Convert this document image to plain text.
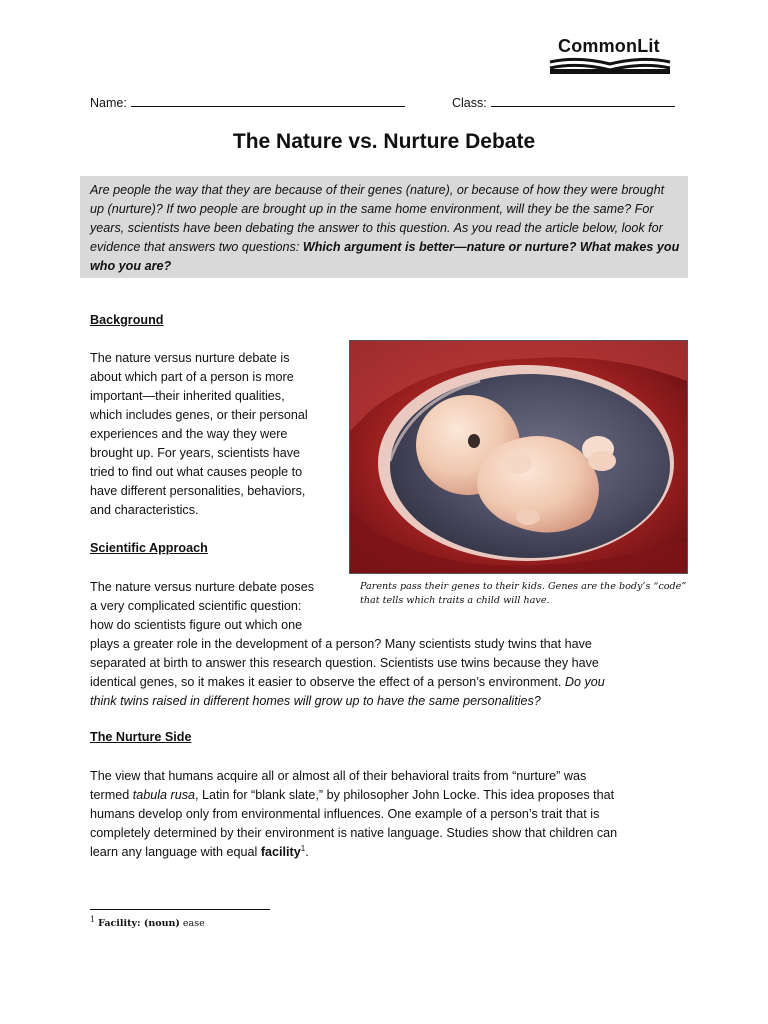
CommonLit
Name:	Class:
The Nature vs. Nurture Debate
Are people the way that they are because of their genes (nature), or because of how they were brought up (nurture)? If two people are brought up in the same home environment, will they be the same? For years, scientists have been debating the answer to this question. As you read the article below, look for evidence that answers two questions: Which argument is better—nature or nurture? What makes you who you are?
Background
The nature versus nurture debate is
about which part of a person is more
important—their inherited qualities,
which includes genes, or their personal
experiences and the way they were
brought up. For years, scientists have
tried to find out what causes people to
have different personalities, behaviors,
and characteristics.
Parents pass their genes to their kids. Genes are the body’s “code”
that tells which traits a child will have.
Scientific Approach
The nature versus nurture debate poses
a very complicated scientific question:
how do scientists figure out which one
plays a greater role in the development of a person? Many scientists study twins that have
separated at birth to answer this research question. Scientists use twins because they have
identical genes, so it makes it easier to observe the effect of a person’s environment. Do you
think twins raised in different homes will grow up to have the same personalities?
The Nurture Side
The view that humans acquire all or almost all of their behavioral traits from “nurture” was
termed tabula rusa, Latin for “blank slate,” by philosopher John Locke. This idea proposes that
humans develop only from environmental influences. One example of a person’s trait that is
completely determined by their environment is native language. Studies show that children can
learn any language with equal facility$^1$.
$^1$ Facility: (noun) ease
